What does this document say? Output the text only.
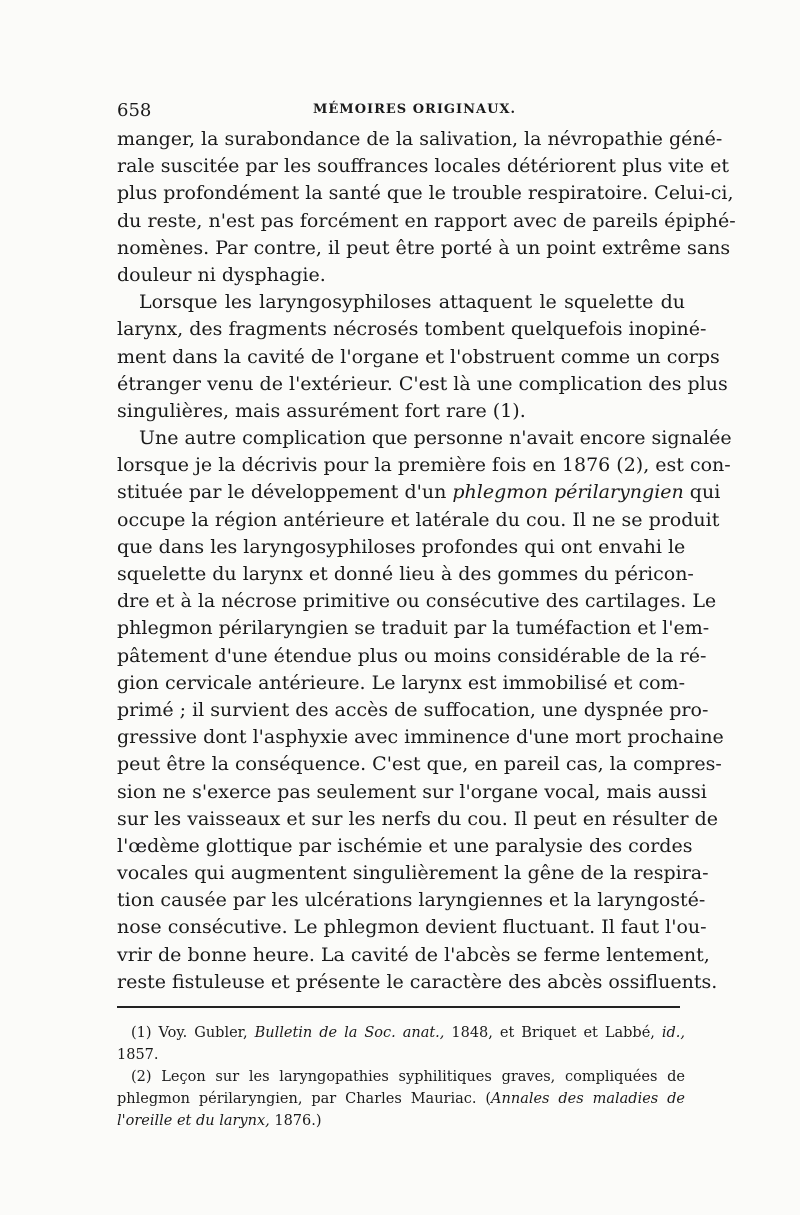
658	MÉMOIRES ORIGINAUX.
manger, la surabondance de la salivation, la névropathie géné-
rale suscitée par les souffrances locales détériorent plus vite et
plus profondément la santé que le trouble respiratoire. Celui-ci,
du reste, n'est pas forcément en rapport avec de pareils épiphé-
nomènes. Par contre, il peut être porté à un point extrême sans
douleur ni dysphagie.
Lorsque les laryngosyphiloses attaquent le squelette du
larynx, des fragments nécrosés tombent quelquefois inopiné-
ment dans la cavité de l'organe et l'obstruent comme un corps
étranger venu de l'extérieur. C'est là une complication des plus
singulières, mais assurément fort rare (1).
Une autre complication que personne n'avait encore signalée
lorsque je la décrivis pour la première fois en 1876 (2), est con-
stituée par le développement d'un phlegmon périlaryngien qui
occupe la région antérieure et latérale du cou. Il ne se produit
que dans les laryngosyphiloses profondes qui ont envahi le
squelette du larynx et donné lieu à des gommes du péricon-
dre et à la nécrose primitive ou consécutive des cartilages. Le
phlegmon périlaryngien se traduit par la tuméfaction et l'em-
pâtement d'une étendue plus ou moins considérable de la ré-
gion cervicale antérieure. Le larynx est immobilisé et com-
primé ; il survient des accès de suffocation, une dyspnée pro-
gressive dont l'asphyxie avec imminence d'une mort prochaine
peut être la conséquence. C'est que, en pareil cas, la compres-
sion ne s'exerce pas seulement sur l'organe vocal, mais aussi
sur les vaisseaux et sur les nerfs du cou. Il peut en résulter de
l'œdème glottique par ischémie et une paralysie des cordes
vocales qui augmentent singulièrement la gêne de la respira-
tion causée par les ulcérations laryngiennes et la laryngosté-
nose consécutive. Le phlegmon devient fluctuant. Il faut l'ou-
vrir de bonne heure. La cavité de l'abcès se ferme lentement,
reste fistuleuse et présente le caractère des abcès ossifluents.
(1) Voy. Gubler, Bulletin de la Soc. anat., 1848, et Briquet et Labbé, id.,
1857.
(2) Leçon sur les laryngopathies syphilitiques graves, compliquées de
phlegmon périlaryngien, par Charles Mauriac. (Annales des maladies de
l'oreille et du larynx, 1876.)
